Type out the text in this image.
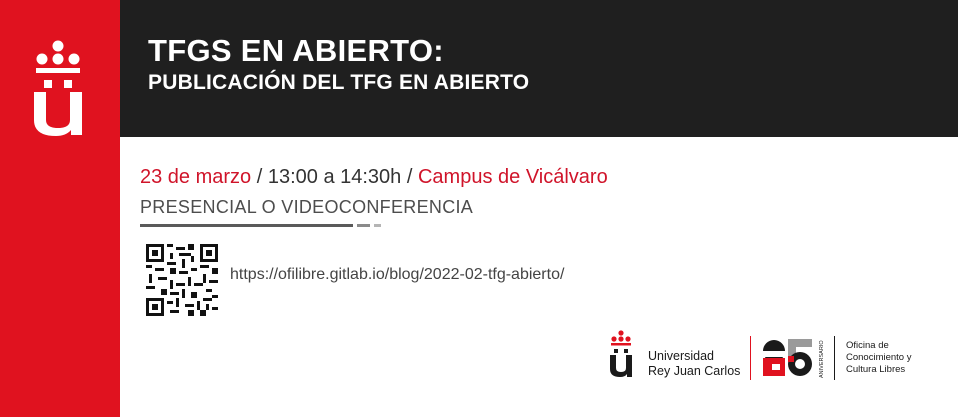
TFGS EN ABIERTO:
PUBLICACIÓN DEL TFG EN ABIERTO
23 de marzo / 13:00 a 14:30h / Campus de Vicálvaro
PRESENCIAL O VIDEOCONFERENCIA
https://ofilibre.gitlab.io/blog/2022-02-tfg-abierto/
Universidad
Rey Juan Carlos	ANIVERSARIO Oficina de
Conocimiento y
Cultura Libres
